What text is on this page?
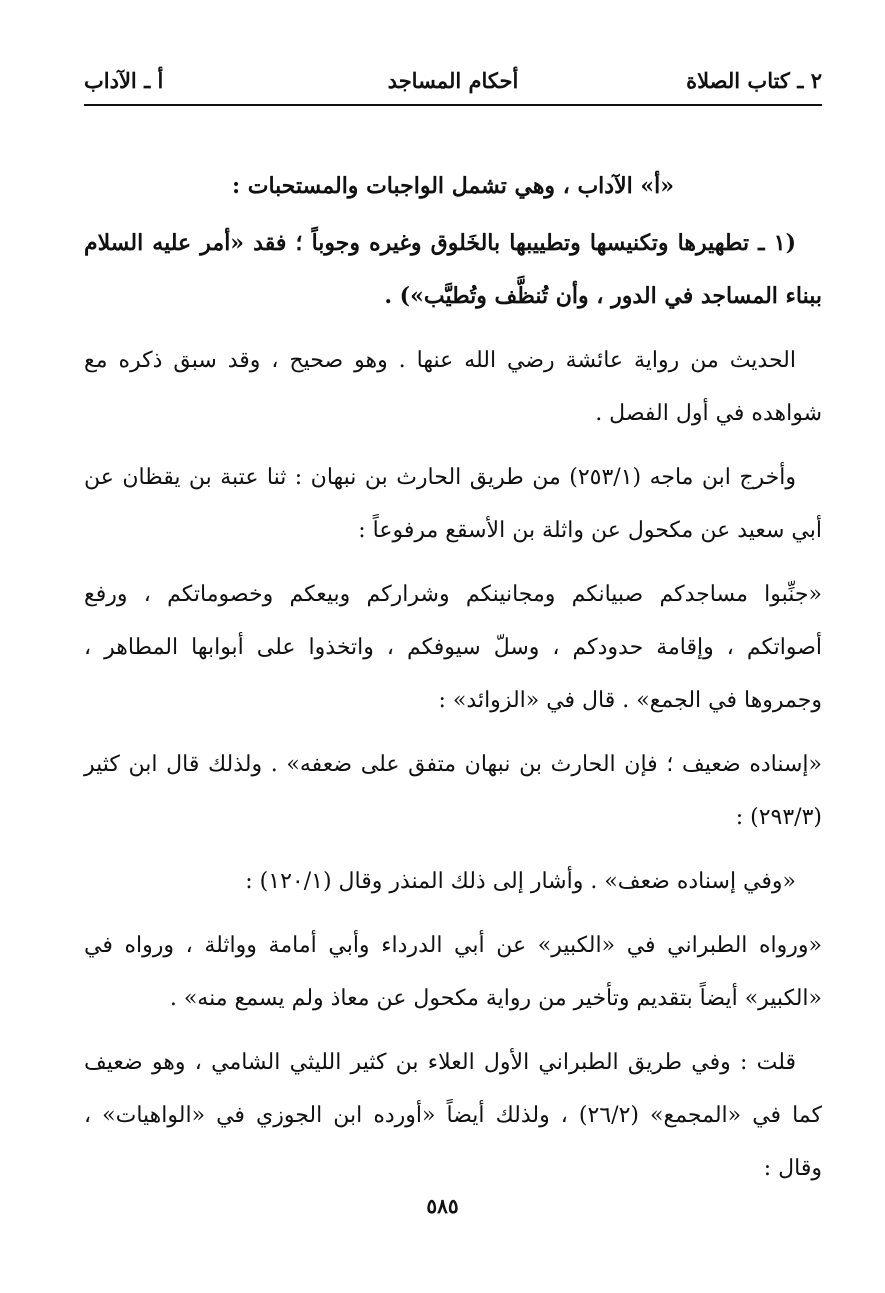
٢ ـ كتاب الصلاة
أحكام المساجد
أ ـ الآداب

«أ» الآداب ، وهي تشمل الواجبات والمستحبات :

(١ ـ تطهيرها وتكنيسها وتطييبها بالخَلوق وغيره وجوباً ؛ فقد «أمر عليه السلام ببناء المساجد في الدور ، وأن تُنظَّف وتُطيَّب») .

الحديث من رواية عائشة رضي الله عنها . وهو صحيح ، وقد سبق ذكره مع شواهده في أول الفصل .

وأخرج ابن ماجه (٢٥٣/١) من طريق الحارث بن نبهان : ثنا عتبة بن يقظان عن أبي سعيد عن مكحول عن واثلة بن الأسقع مرفوعاً :

«جنِّبوا مساجدكم صبيانكم ومجانينكم وشراركم وبيعكم وخصوماتكم ، ورفع أصواتكم ، وإقامة حدودكم ، وسلّ سيوفكم ، واتخذوا على أبوابها المطاهر ، وجمروها في الجمع» . قال في «الزوائد» :

«إسناده ضعيف ؛ فإن الحارث بن نبهان متفق على ضعفه» . ولذلك قال ابن كثير (٢٩٣/٣) :

«وفي إسناده ضعف» . وأشار إلى ذلك المنذر وقال (١٢٠/١) :

«ورواه الطبراني في «الكبير» عن أبي الدرداء وأبي أمامة وواثلة ، ورواه في «الكبير» أيضاً بتقديم وتأخير من رواية مكحول عن معاذ ولم يسمع منه» .

قلت : وفي طريق الطبراني الأول العلاء بن كثير الليثي الشامي ، وهو ضعيف كما في «المجمع» (٢٦/٢) ، ولذلك أيضاً «أورده ابن الجوزي في «الواهيات» ، وقال :

٥٨٥
